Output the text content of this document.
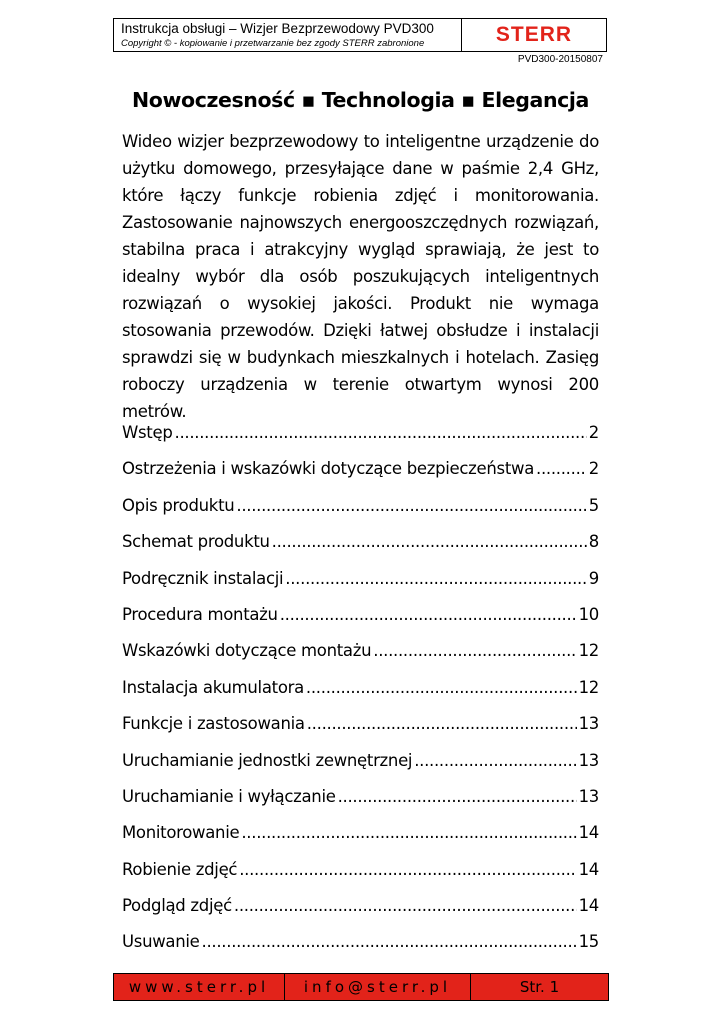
Instrukcja obsługi – Wizjer Bezprzewodowy PVD300
Copyright © - kopiowanie i przetwarzanie bez zgody STERR zabronione	STERR
PVD300-20150807
Nowoczesność ▪ Technologia ▪ Elegancja
Wideo wizjer bezprzewodowy to inteligentne urządzenie do użytku domowego, przesyłające dane w paśmie 2,4 GHz, które łączy funkcje robienia zdjęć i monitorowania. Zastosowanie najnowszych energooszczędnych rozwiązań, stabilna praca i atrakcyjny wygląd sprawiają, że jest to idealny wybór dla osób poszukujących inteligentnych rozwiązań o wysokiej jakości. Produkt nie wymaga stosowania przewodów. Dzięki łatwej obsłudze i instalacji sprawdzi się w budynkach mieszkalnych i hotelach. Zasięg roboczy urządzenia w terenie otwartym wynosi 200 metrów.
Wstęp .....	2
Ostrzeżenia i wskazówki dotyczące bezpieczeństwa .....	2
Opis produktu .....	5
Schemat produktu .....	8
Podręcznik instalacji .....	9
Procedura montażu .....	10
Wskazówki dotyczące montażu .....	12
Instalacja akumulatora .....	12
Funkcje i zastosowania .....	13
Uruchamianie jednostki zewnętrznej .....	13
Uruchamianie i wyłączanie .....	13
Monitorowanie .....	14
Robienie zdjęć .....	14
Podgląd zdjęć .....	14
Usuwanie .....	15
www.sterr.pl	info@sterr.pl	Str. 1
